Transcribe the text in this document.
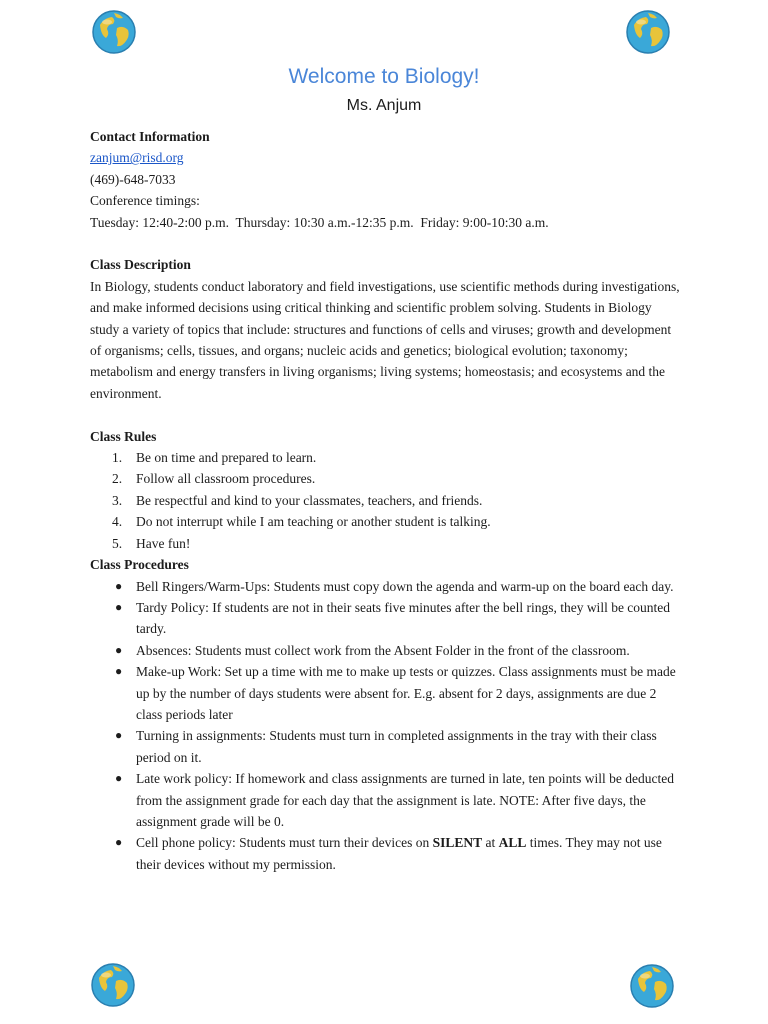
Welcome to Biology!
Ms. Anjum
Contact Information
zanjum@risd.org
(469)-648-7033
Conference timings:
Tuesday: 12:40-2:00 p.m.  Thursday: 10:30 a.m.-12:35 p.m.  Friday: 9:00-10:30 a.m.
Class Description

In Biology, students conduct laboratory and field investigations, use scientific methods during investigations, and make informed decisions using critical thinking and scientific problem solving. Students in Biology study a variety of topics that include: structures and functions of cells and viruses; growth and development of organisms; cells, tissues, and organs; nucleic acids and genetics; biological evolution; taxonomy; metabolism and energy transfers in living organisms; living systems; homeostasis; and ecosystems and the environment.

Class Rules
1. Be on time and prepared to learn.
2. Follow all classroom procedures.
3. Be respectful and kind to your classmates, teachers, and friends.
4. Do not interrupt while I am teaching or another student is talking.
5. Have fun!
Class Procedures
● Bell Ringers/Warm-Ups: Students must copy down the agenda and warm-up on the board each day.
● Tardy Policy: If students are not in their seats five minutes after the bell rings, they will be counted tardy.
● Absences: Students must collect work from the Absent Folder in the front of the classroom.
● Make-up Work: Set up a time with me to make up tests or quizzes. Class assignments must be made up by the number of days students were absent for. E.g. absent for 2 days, assignments are due 2 class periods later
● Turning in assignments: Students must turn in completed assignments in the tray with their class period on it.
● Late work policy: If homework and class assignments are turned in late, ten points will be deducted from the assignment grade for each day that the assignment is late. NOTE: After five days, the assignment grade will be 0.
● Cell phone policy: Students must turn their devices on SILENT at ALL times. They may not use their devices without my permission.
